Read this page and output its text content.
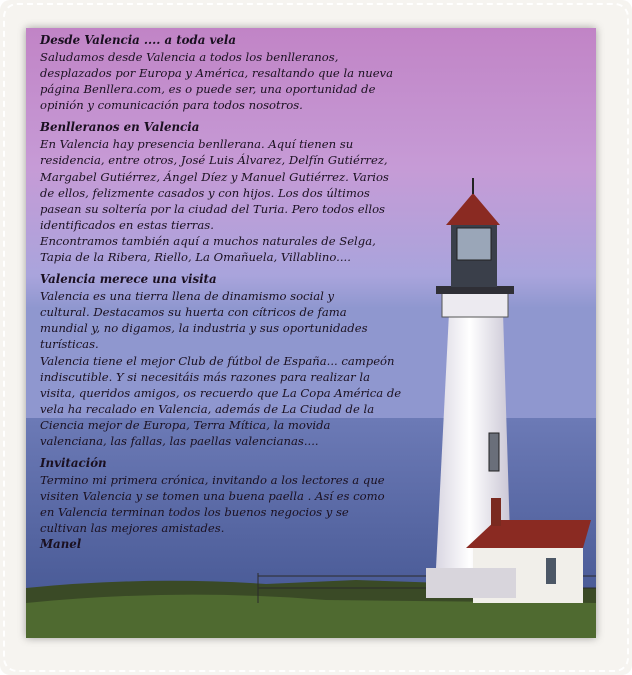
Desde Valencia .... a toda vela

Saludamos desde Valencia a todos los benlleranos,
desplazados por Europa y América, resaltando que la nueva
página Benllera.com, es o puede ser, una oportunidad de
opinión y comunicación para todos nosotros.

Benlleranos en Valencia

En Valencia hay presencia benllerana. Aquí tienen su
residencia, entre otros, José Luis Álvarez, Delfín Gutiérrez,
Margabel Gutiérrez, Ángel Díez y Manuel Gutiérrez. Varios
de ellos, felizmente casados y con hijos. Los dos últimos
pasean su soltería por la ciudad del Turia. Pero todos ellos
identificados en estas tierras.
Encontramos también aquí a muchos naturales de Selga,
Tapia de la Ribera, Riello, La Omañuela, Villablino....

Valencia merece una visita

Valencia es una tierra llena de dinamismo social y
cultural. Destacamos su huerta con cítricos de fama
mundial y, no digamos, la industria y sus oportunidades
turísticas.
Valencia tiene el mejor Club de fútbol de España... campeón
indiscutible. Y si necesitáis más razones para realizar la
visita, queridos amigos, os recuerdo que La Copa América de
vela ha recalado en Valencia, además de La Ciudad de la
Ciencia mejor de Europa, Terra Mítica, la movida
valenciana, las fallas, las paellas valencianas....

Invitación

Termino mi primera crónica, invitando a los lectores a que
visiten Valencia y se tomen una buena paella . Así es como
en Valencia terminan todos los buenos negocios y se
cultivan las mejores amistades.

Manel
